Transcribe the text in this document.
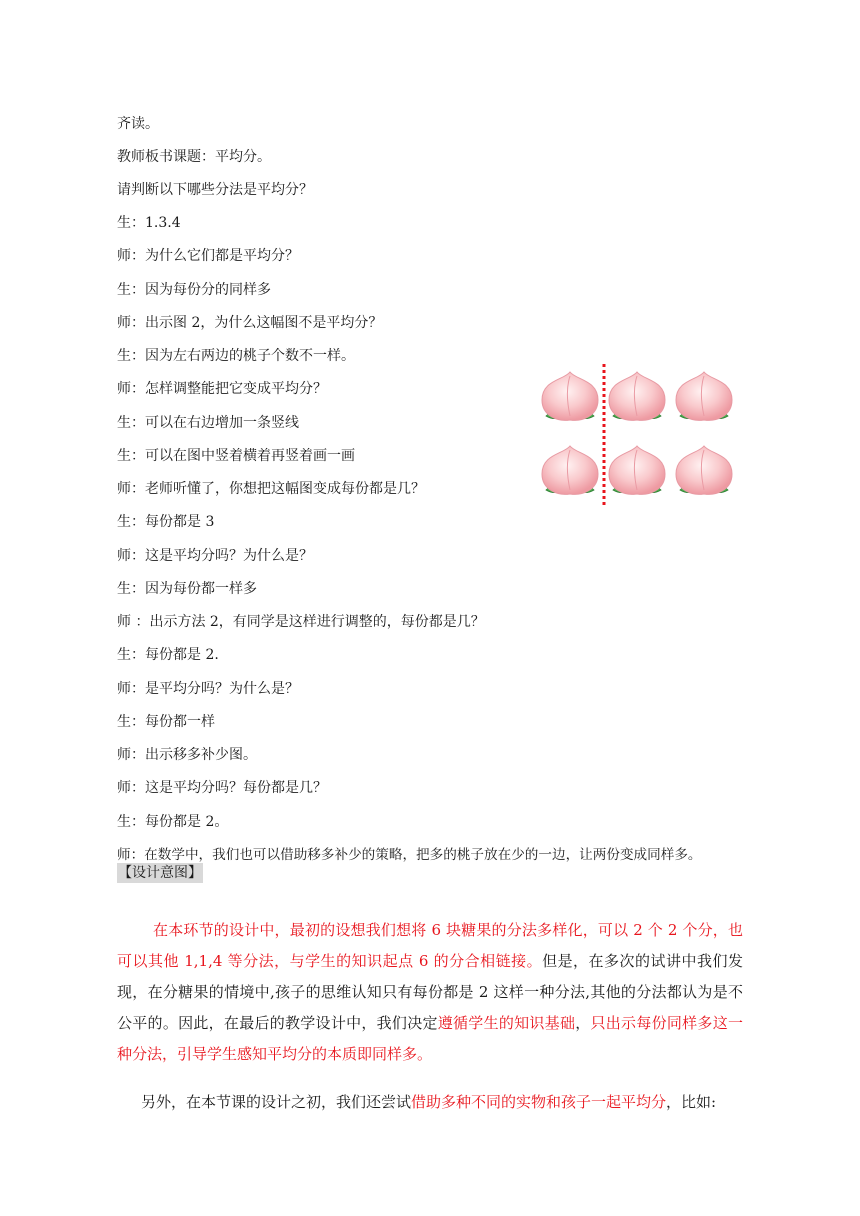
齐读。
教师板书课题：平均分。
请判断以下哪些分法是平均分？
生：1.3.4
师：为什么它们都是平均分？
生：因为每份分的同样多
师：出示图 2，为什么这幅图不是平均分？
生：因为左右两边的桃子个数不一样。
师：怎样调整能把它变成平均分？
生：可以在右边增加一条竖线
生：可以在图中竖着横着再竖着画一画
师：老师听懂了，你想把这幅图变成每份都是几？
生：每份都是 3
师：这是平均分吗？为什么是？
生：因为每份都一样多
师 ：出示方法 2，有同学是这样进行调整的，每份都是几？
生：每份都是 2.
师：是平均分吗？为什么是？
生：每份都一样
师：出示移多补少图。
师：这是平均分吗？每份都是几？
生：每份都是 2。
师：在数学中，我们也可以借助移多补少的策略，把多的桃子放在少的一边，让两份变成同样多。
【设计意图】
在本环节的设计中，最初的设想我们想将 6 块糖果的分法多样化，可以 2 个 2 个分，也可以其他 1,1,4 等分法，与学生的知识起点 6 的分合相链接。但是，在多次的试讲中我们发现，在分糖果的情境中,孩子的思维认知只有每份都是 2 这样一种分法,其他的分法都认为是不公平的。因此，在最后的教学设计中，我们决定遵循学生的知识基础，只出示每份同样多这一种分法，引导学生感知平均分的本质即同样多。
另外，在本节课的设计之初，我们还尝试借助多种不同的实物和孩子一起平均分，比如:
